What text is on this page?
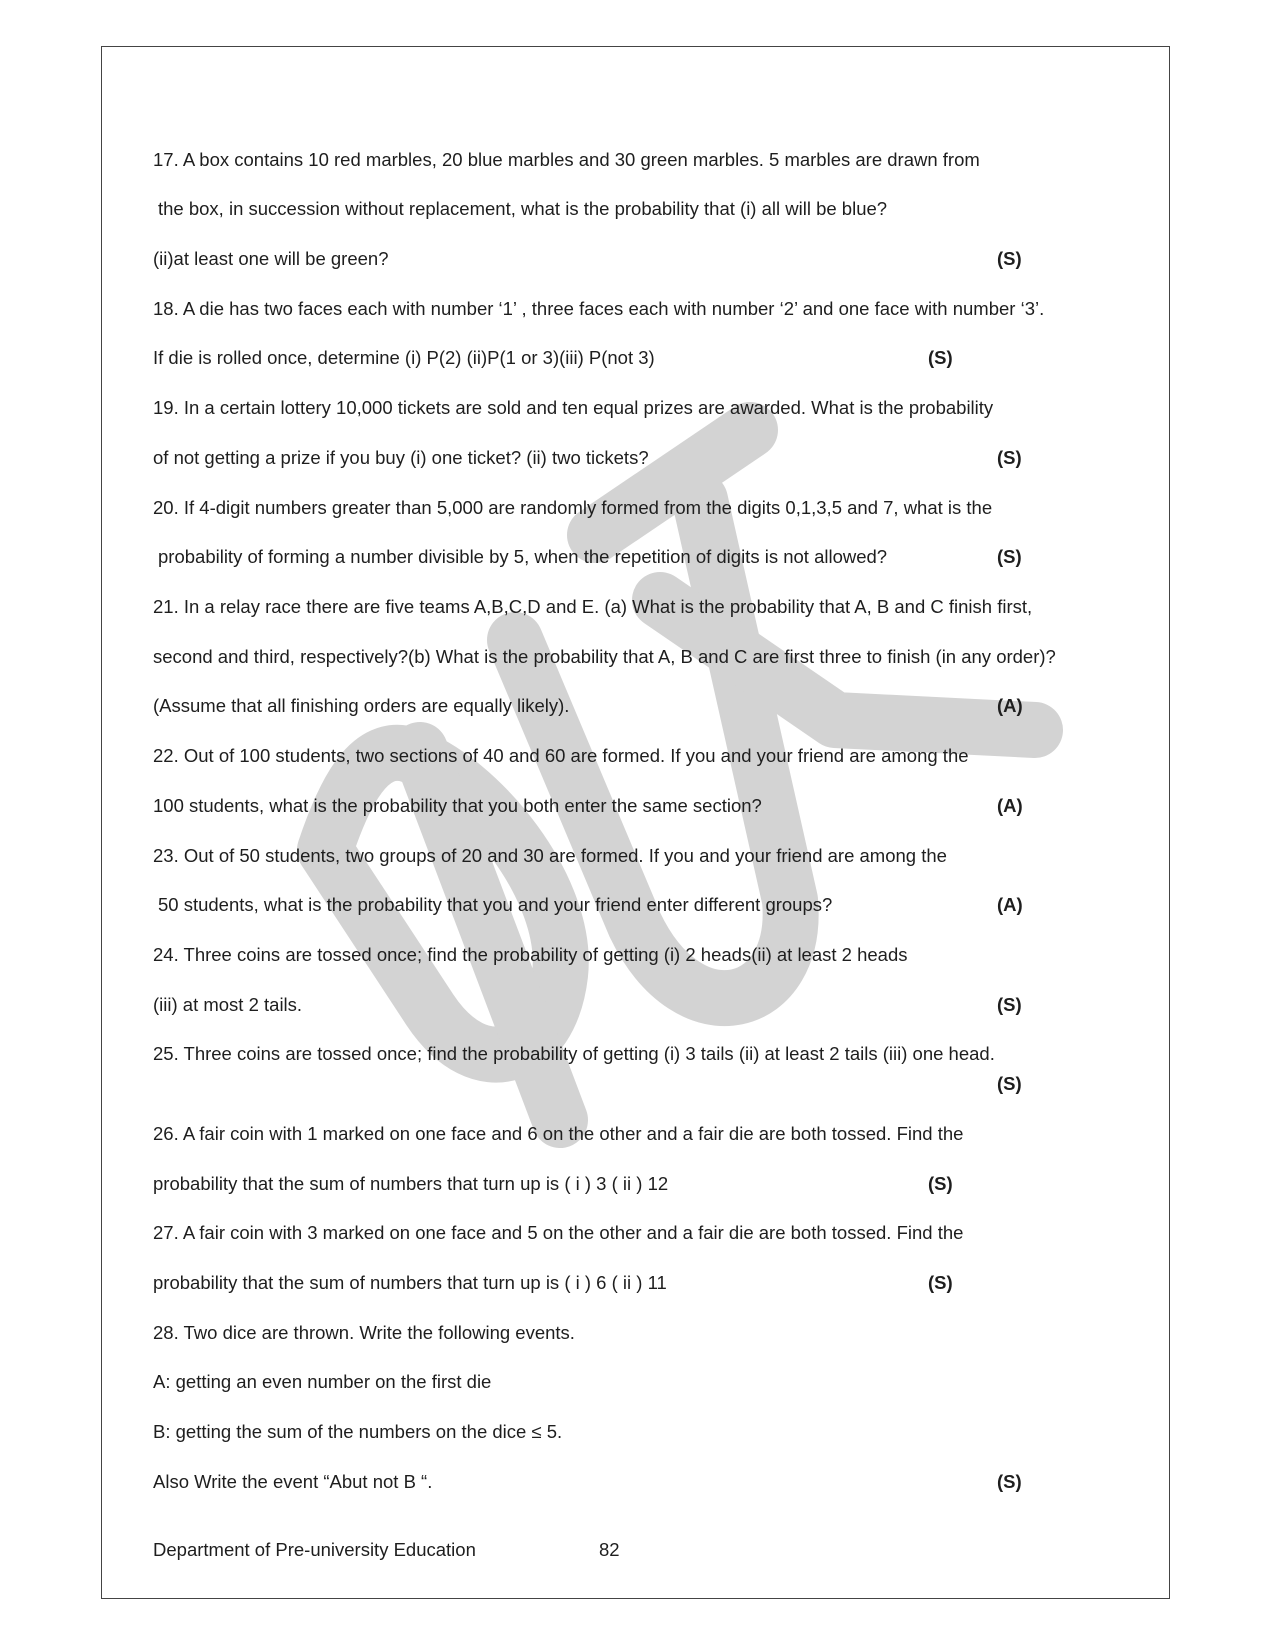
17. A box contains 10 red marbles, 20 blue marbles and 30 green marbles. 5 marbles are drawn from
the box, in succession without replacement, what is the probability that (i) all will be blue?
(ii)at least one will be green?	(S)
18. A die has two faces each with number ‘1’ , three faces each with number ‘2’ and one face with number ‘3’.
If die is rolled once, determine (i) P(2) (ii)P(1 or 3)(iii) P(not 3)	(S)
19. In a certain lottery 10,000 tickets are sold and ten equal prizes are awarded. What is the probability
of not getting a prize if you buy (i) one ticket? (ii) two tickets?	(S)
20. If 4-digit numbers greater than 5,000 are randomly formed from the digits 0,1,3,5 and 7, what is the
probability of forming a number divisible by 5, when the repetition of digits is not allowed?	(S)
21. In a relay race there are five teams A,B,C,D and E. (a) What is the probability that A, B and C finish first,
second and third, respectively?(b) What is the probability that A, B and C are first three to finish (in any order)?
(Assume that all finishing orders are equally likely).	(A)
22. Out of 100 students, two sections of 40 and 60 are formed. If you and your friend are among the
100 students, what is the probability that you both enter the same section?	(A)
23. Out of 50 students, two groups of 20 and 30 are formed. If you and your friend are among the
50 students, what is the probability that you and your friend enter different groups?	(A)
24. Three coins are tossed once; find the probability of getting (i) 2 heads(ii) at least 2 heads
(iii) at most 2 tails.	(S)
25. Three coins are tossed once; find the probability of getting (i) 3 tails (ii) at least 2 tails (iii) one head.
(S)
26. A fair coin with 1 marked on one face and 6 on the other and a fair die are both tossed. Find the
probability that the sum of numbers that turn up is ( i ) 3 ( ii ) 12	(S)
27. A fair coin with 3 marked on one face and 5 on the other and a fair die are both tossed. Find the
probability that the sum of numbers that turn up is ( i ) 6 ( ii ) 11	(S)
28. Two dice are thrown. Write the following events.
A: getting an even number on the first die
B: getting the sum of the numbers on the dice ≤ 5.
Also Write the event “Abut not B “.	(S)
Department of Pre-university Education	82
